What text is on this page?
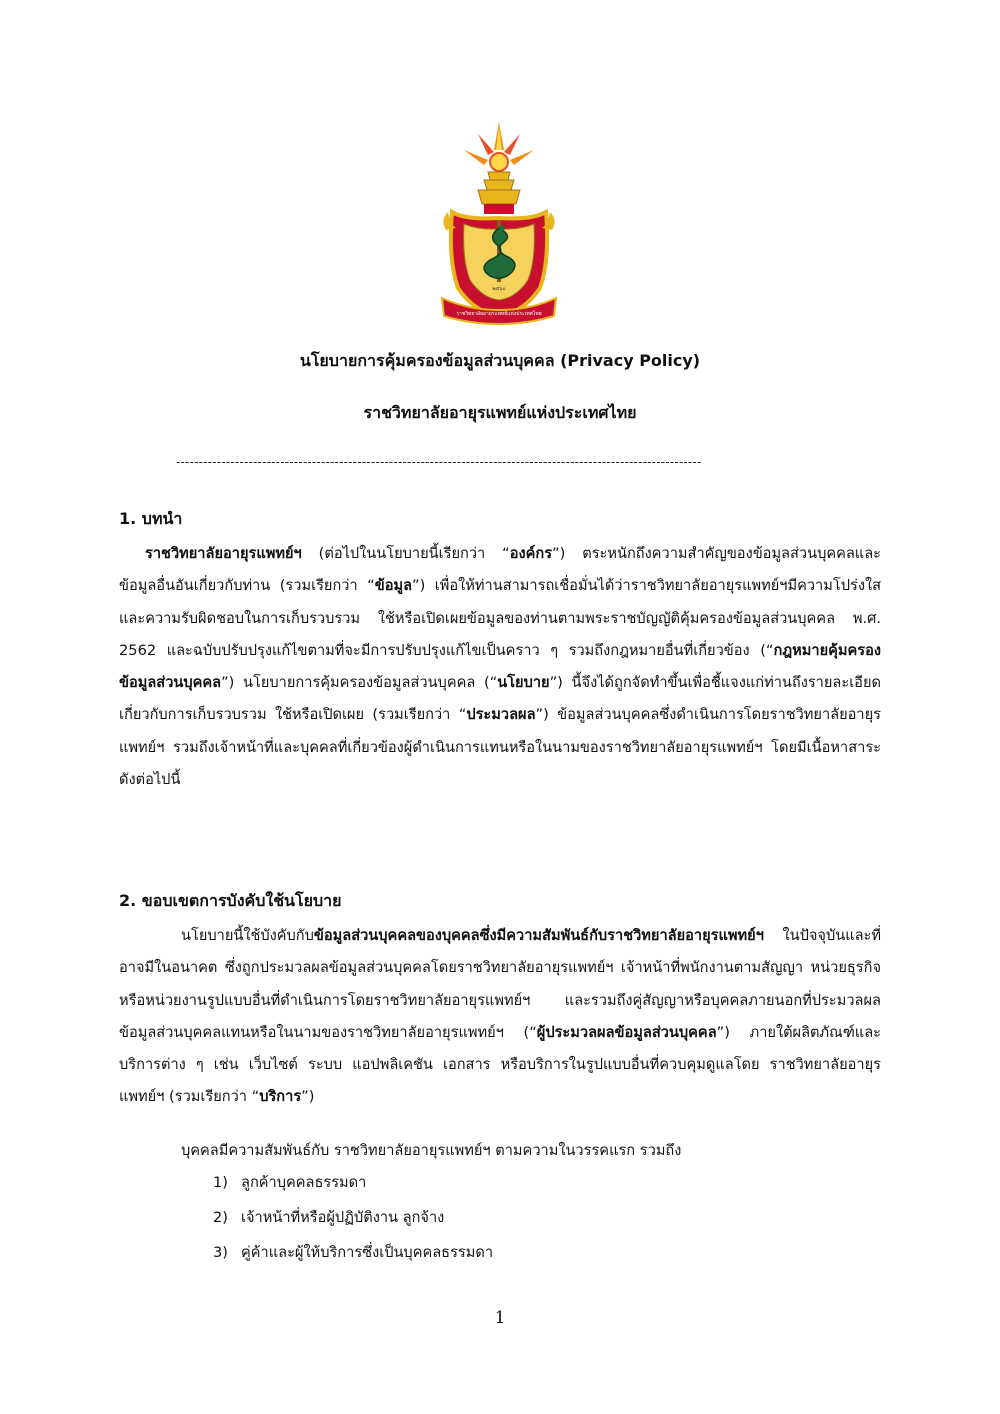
๒๕๖๐
ราชวิทยาลัยอายุรแพทย์แห่งประเทศไทย
นโยบายการคุ้มครองข้อมูลส่วนบุคคล (Privacy Policy)
ราชวิทยาลัยอายุรแพทย์แห่งประเทศไทย
--------------------------------------------------------------------------------------------------------------------
1. บทนำ

ราชวิทยาลัยอายุรแพทย์ฯ (ต่อไปในนโยบายนี้เรียกว่า “องค์กร”) ตระหนักถึงความสำคัญของข้อมูลส่วนบุคคลและข้อมูลอื่นอันเกี่ยวกับท่าน (รวมเรียกว่า “ข้อมูล”) เพื่อให้ท่านสามารถเชื่อมั่นได้ว่าราชวิทยาลัยอายุรแพทย์ฯมีความโปร่งใสและความรับผิดชอบในการเก็บรวบรวม ใช้หรือเปิดเผยข้อมูลของท่านตามพระราชบัญญัติคุ้มครองข้อมูลส่วนบุคคล พ.ศ. 2562 และฉบับปรับปรุงแก้ไขตามที่จะมีการปรับปรุงแก้ไขเป็นคราว ๆ รวมถึงกฎหมายอื่นที่เกี่ยวข้อง (“กฎหมายคุ้มครองข้อมูลส่วนบุคคล”) นโยบายการคุ้มครองข้อมูลส่วนบุคคล (“นโยบาย”) นี้จึงได้ถูกจัดทำขึ้นเพื่อชี้แจงแก่ท่านถึงรายละเอียดเกี่ยวกับการเก็บรวบรวม ใช้หรือเปิดเผย (รวมเรียกว่า “ประมวลผล”) ข้อมูลส่วนบุคคลซึ่งดำเนินการโดยราชวิทยาลัยอายุรแพทย์ฯ รวมถึงเจ้าหน้าที่และบุคคลที่เกี่ยวข้องผู้ดำเนินการแทนหรือในนามของราชวิทยาลัยอายุรแพทย์ฯ โดยมีเนื้อหาสาระดังต่อไปนี้

2. ขอบเขตการบังคับใช้นโยบาย

นโยบายนี้ใช้บังคับกับข้อมูลส่วนบุคคลของบุคคลซึ่งมีความสัมพันธ์กับราชวิทยาลัยอายุรแพทย์ฯ ในปัจจุบันและที่อาจมีในอนาคต ซึ่งถูกประมวลผลข้อมูลส่วนบุคคลโดยราชวิทยาลัยอายุรแพทย์ฯ เจ้าหน้าที่พนักงานตามสัญญา หน่วยธุรกิจหรือหน่วยงานรูปแบบอื่นที่ดำเนินการโดยราชวิทยาลัยอายุรแพทย์ฯ และรวมถึงคู่สัญญาหรือบุคคลภายนอกที่ประมวลผลข้อมูลส่วนบุคคลแทนหรือในนามของราชวิทยาลัยอายุรแพทย์ฯ (“ผู้ประมวลผลข้อมูลส่วนบุคคล”) ภายใต้ผลิตภัณฑ์และบริการต่าง ๆ เช่น เว็บไซต์ ระบบ แอปพลิเคชัน เอกสาร หรือบริการในรูปแบบอื่นที่ควบคุมดูแลโดย ราชวิทยาลัยอายุรแพทย์ฯ (รวมเรียกว่า “บริการ”)

บุคคลมีความสัมพันธ์กับ ราชวิทยาลัยอายุรแพทย์ฯ ตามความในวรรคแรก รวมถึง

1) ลูกค้าบุคคลธรรมดา
2) เจ้าหน้าที่หรือผู้ปฏิบัติงาน ลูกจ้าง
3) คู่ค้าและผู้ให้บริการซึ่งเป็นบุคคลธรรมดา
1
